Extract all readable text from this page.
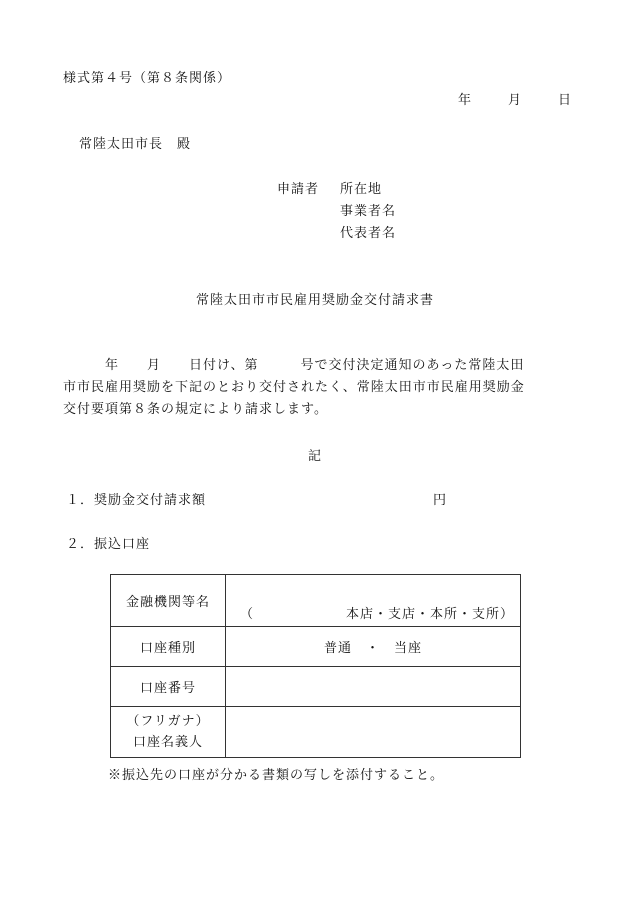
様式第４号（第８条関係）
年	月	日
常陸太田市長　殿
申請者 所在地
事業者名
代表者名
常陸太田市市民雇用奨励金交付請求書
　　　年　　月　　日付け、第　　　号で交付決定通知のあった常陸太田
市市民雇用奨励を下記のとおり交付されたく、常陸太田市市民雇用奨励金
交付要項第８条の規定により請求します。
記
１．奨励金交付請求額	円
２．振込口座
金融機関等名	（ 本店・支店・本所・支所）

口座種別	普通　・　当座
口座番号	

（フリガナ）
口座名義人	

※振込先の口座が分かる書類の写しを添付すること。
